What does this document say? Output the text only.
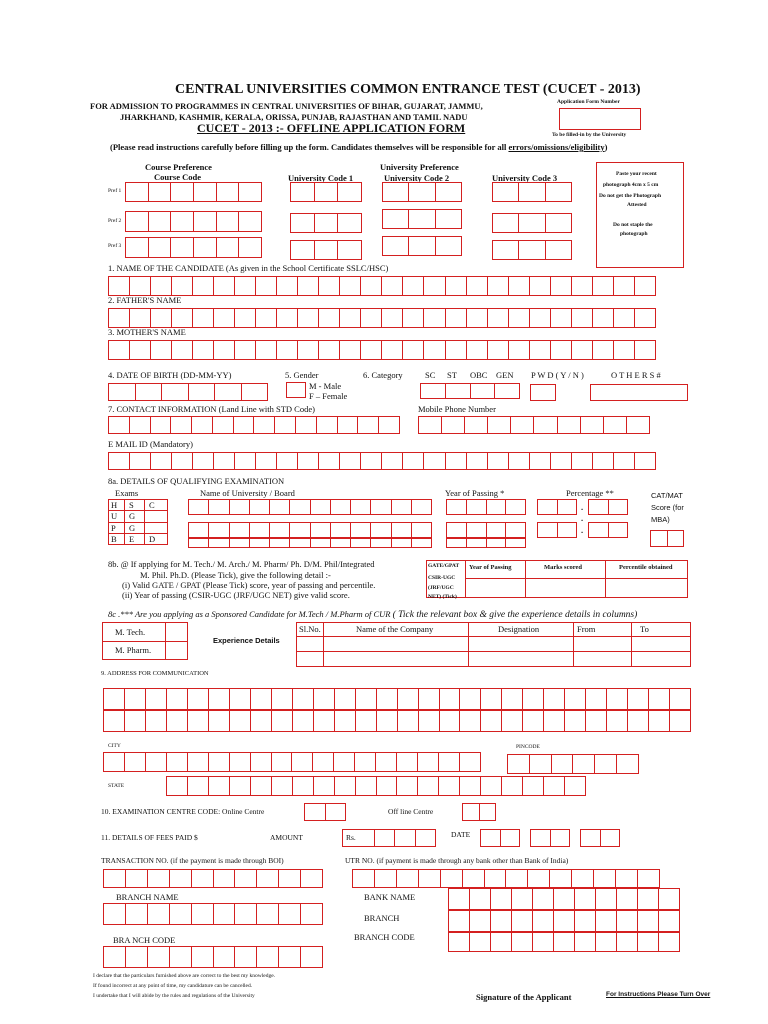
CENTRAL UNIVERSITIES COMMON ENTRANCE TEST (CUCET - 2013)
FOR ADMISSION TO PROGRAMMES IN CENTRAL UNIVERSITIES OF BIHAR, GUJARAT, JAMMU,
JHARKHAND, KASHMIR, KERALA, ORISSA, PUNJAB, RAJASTHAN AND TAMIL NADU
CUCET - 2013 :- OFFLINE APPLICATION FORM
Application Form Number
To be filled-in by the University
(Please read instructions carefully before filling up the form. Candidates themselves will be responsible for all errors/omissions/eligibility)
Course Preference
Course Code
University Preference
University Code 1	University Code 2	University Code 3
Pref 1
Pref 2
Pref 3
Paste your recent
photograph 4cm x 5 cm
Do not get the Photograph
Attested
Do not staple the
photograph
1. NAME OF THE CANDIDATE (As given in the School Certificate SSLC/HSC)
2. FATHER'S NAME
3. MOTHER'S NAME
4. DATE OF BIRTH (DD-MM-YY)	5. Gender
M - Male
F – Female
6. Category	SC ST OBC GEN P W D ( Y / N )	O T H E R S #
7. CONTACT INFORMATION (Land Line with STD Code)	Mobile Phone Number
E MAIL ID (Mandatory)
8a. DETAILS OF QUALIFYING EXAMINATION
Exams	Name of University / Board	Year of Passing *	Percentage **	CAT/MAT
Score (for
MBA)
H S C
U G
P G
B E D
.
.
.
8b. @ If applying for M. Tech./ M. Arch./ M. Pharm/ Ph. D/M. Phil/Integrated
M. Phil. Ph.D. (Please Tick), give the following detail :-
(i) Valid GATE / GPAT (Please Tick) score, year of passing and percentile.
(ii) Year of passing (CSIR-UGC (JRF/UGC NET) give valid score.
GATE/GPAT
CSIR-UGC
(JRF/UGC
NET) (Tick)
Year of Passing	Marks scored	Percentile obtained
8c .*** Are you applying as a Sponsored Candidate for M.Tech / M.Pharm of CUR ( Tick the relevant box & give the experience details in columns)
M. Tech.
M. Pharm.
Experience Details
Sl.No.	Name of the Company	Designation	From	To
9. ADDRESS FOR COMMUNICATION
CITY	PINCODE
STATE
10. EXAMINATION CENTRE CODE: Online Centre	Off line Centre
11. DETAILS OF FEES PAID $	AMOUNT	Rs.	DATE
TRANSACTION NO. (if the payment is made through BOI)	UTR NO. (if payment is made through any bank other than Bank of India)
BRANCH NAME	BANK NAME
BRANCH
BRANCH CODE
BRA NCH CODE
I declare that the particulars furnished above are correct to the best my knowledge.
If found incorrect at any point of time, my candidature can be cancelled.
I undertake that I will abide by the rules and regulations of the University	Signature of the Applicant	For Instructions Please Turn Over
